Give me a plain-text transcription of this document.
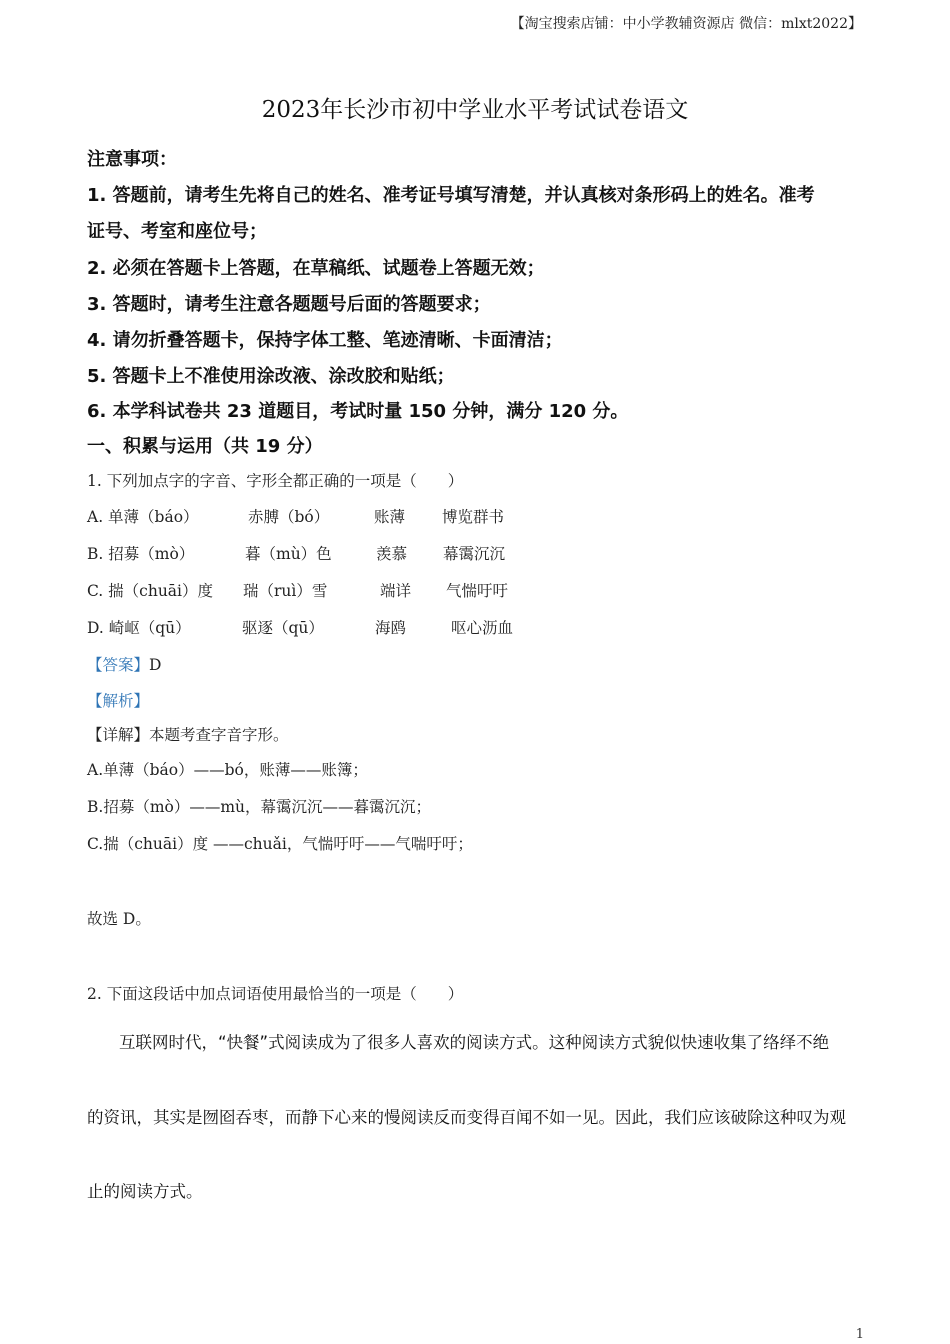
【淘宝搜索店铺：中小学教辅资源店 微信：mlxt2022】
2023年长沙市初中学业水平考试试卷语文
注意事项：
1. 答题前，请考生先将自己的姓名、准考证号填写清楚，并认真核对条形码上的姓名。准考
证号、考室和座位号；
2. 必须在答题卡上答题，在草稿纸、试题卷上答题无效；
3. 答题时，请考生注意各题题号后面的答题要求；
4. 请勿折叠答题卡，保持字体工整、笔迹清晰、卡面清洁；
5. 答题卡上不准使用涂改液、涂改胶和贴纸；
6. 本学科试卷共 23 道题目，考试时量 150 分钟，满分 120 分。
一、积累与运用（共 19 分）
1. 下列加点字的字音、字形全都正确的一项是（　　）
A. 单薄（báo）	赤膊（bó）	账薄 博览群书
B. 招募（mò）	暮（mù）色	羡慕 幕霭沉沉
C. 揣（chuāi）度 瑞（ruì）雪	端详 气惴吁吁
D. 崎岖（qū）	驱逐（qū）	海鸥	呕心沥血
【答案】D
【解析】
【详解】本题考查字音字形。
A.单薄（báo）——bó，账薄——账簿；
B.招募（mò）——mù，幕霭沉沉——暮霭沉沉；
C.揣（chuāi）度 ——chuǎi，气惴吁吁——气喘吁吁；
故选 D。
2. 下面这段话中加点词语使用最恰当的一项是（　　）
互联网时代，“快餐”式阅读成为了很多人喜欢的阅读方式。这种阅读方式貌似快速收集了络绎不绝
的资讯，其实是囫囵吞枣，而静下心来的慢阅读反而变得百闻不如一见。因此，我们应该破除这种叹为观
止的阅读方式。
1
